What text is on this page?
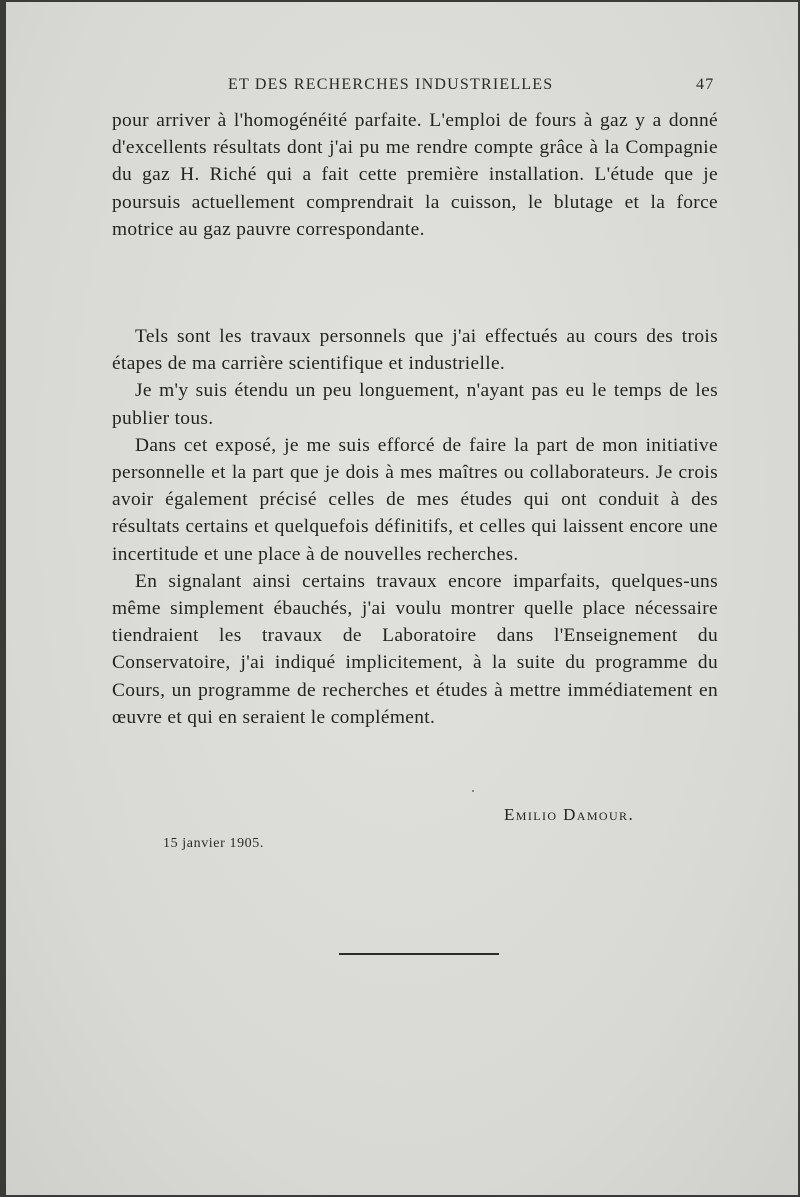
ET DES RECHERCHES INDUSTRIELLES	47

pour arriver à l'homogénéité parfaite. L'emploi de fours à gaz y a donné d'excellents résultats dont j'ai pu me rendre compte grâce à la Compagnie du gaz H. Riché qui a fait cette première installation. L'étude que je poursuis actuellement comprendrait la cuisson, le blutage et la force motrice au gaz pauvre correspondante.

Tels sont les travaux personnels que j'ai effectués au cours des trois étapes de ma carrière scientifique et industrielle.

Je m'y suis étendu un peu longuement, n'ayant pas eu le temps de les publier tous.

Dans cet exposé, je me suis efforcé de faire la part de mon initiative personnelle et la part que je dois à mes maîtres ou collaborateurs. Je crois avoir également précisé celles de mes études qui ont conduit à des résultats certains et quelquefois définitifs, et celles qui laissent encore une incertitude et une place à de nouvelles recherches.

En signalant ainsi certains travaux encore imparfaits, quelques-uns même simplement ébauchés, j'ai voulu montrer quelle place nécessaire tiendraient les travaux de Laboratoire dans l'Enseignement du Conservatoire, j'ai indiqué implicitement, à la suite du programme du Cours, un programme de recherches et études à mettre immédiatement en œuvre et qui en seraient le complément.

Emilio Damour.
15 janvier 1905.
